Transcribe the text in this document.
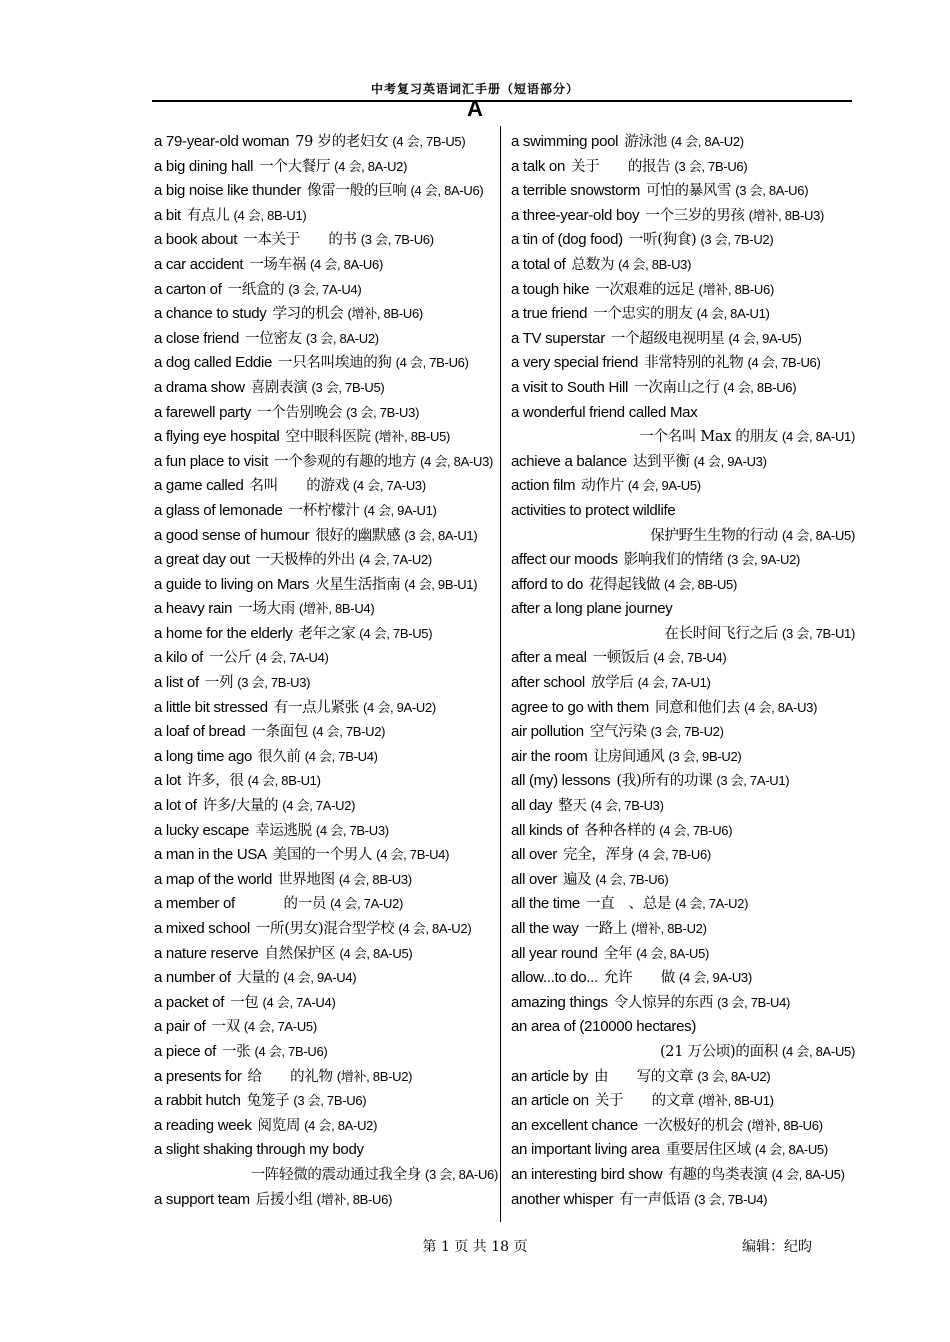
中考复习英语词汇手册（短语部分）
A
a 79-year-old woman 79 岁的老妇女 (4 会, 7B-U5)
a big dining hall 一个大餐厅 (4 会, 8A-U2)
a big noise like thunder 像雷一般的巨响 (4 会, 8A-U6)
a bit 有点儿 (4 会, 8B-U1)
a book about 一本关于　　的书 (3 会, 7B-U6)
a car accident 一场车祸 (4 会, 8A-U6)
a carton of 一纸盒的 (3 会, 7A-U4)
a chance to study 学习的机会 (增补, 8B-U6)
a close friend 一位密友 (3 会, 8A-U2)
a dog called Eddie 一只名叫埃迪的狗 (4 会, 7B-U6)
a drama show 喜剧表演 (3 会, 7B-U5)
a farewell party 一个告别晚会 (3 会, 7B-U3)
a flying eye hospital 空中眼科医院 (增补, 8B-U5)
a fun place to visit 一个参观的有趣的地方 (4 会, 8A-U3)
a game called 名叫　　的游戏 (4 会, 7A-U3)
a glass of lemonade 一杯柠檬汁 (4 会, 9A-U1)
a good sense of humour 很好的幽默感 (3 会, 8A-U1)
a great day out 一天极棒的外出 (4 会, 7A-U2)
a guide to living on Mars 火星生活指南 (4 会, 9B-U1)
a heavy rain 一场大雨 (增补, 8B-U4)
a home for the elderly 老年之家 (4 会, 7B-U5)
a kilo of 一公斤 (4 会, 7A-U4)
a list of 一列 (3 会, 7B-U3)
a little bit stressed 有一点儿紧张 (4 会, 9A-U2)
a loaf of bread 一条面包 (4 会, 7B-U2)
a long time ago 很久前 (4 会, 7B-U4)
a lot 许多，很 (4 会, 8B-U1)
a lot of 许多/大量的 (4 会, 7A-U2)
a lucky escape 幸运逃脱 (4 会, 7B-U3)
a man in the USA 美国的一个男人 (4 会, 7B-U4)
a map of the world 世界地图 (4 会, 8B-U3)
a member of　　　的一员 (4 会, 7A-U2)
a mixed school 一所(男女)混合型学校 (4 会, 8A-U2)
a nature reserve 自然保护区 (4 会, 8A-U5)
a number of 大量的 (4 会, 9A-U4)
a packet of 一包 (4 会, 7A-U4)
a pair of 一双 (4 会, 7A-U5)
a piece of 一张 (4 会, 7B-U6)
a presents for 给　　的礼物 (增补, 8B-U2)
a rabbit hutch 兔笼子 (3 会, 7B-U6)
a reading week 阅览周 (4 会, 8A-U2)
a slight shaking through my body
一阵轻微的震动通过我全身 (3 会, 8A-U6)
a support team 后援小组 (增补, 8B-U6)
a swimming pool 游泳池 (4 会, 8A-U2)
a talk on 关于　　的报告 (3 会, 7B-U6)
a terrible snowstorm 可怕的暴风雪 (3 会, 8A-U6)
a three-year-old boy 一个三岁的男孩 (增补, 8B-U3)
a tin of (dog food) 一听(狗食) (3 会, 7B-U2)
a total of 总数为 (4 会, 8B-U3)
a tough hike 一次艰难的远足 (增补, 8B-U6)
a true friend 一个忠实的朋友 (4 会, 8A-U1)
a TV superstar 一个超级电视明星 (4 会, 9A-U5)
a very special friend 非常特别的礼物 (4 会, 7B-U6)
a visit to South Hill 一次南山之行 (4 会, 8B-U6)
a wonderful friend called Max
一个名叫 Max 的朋友 (4 会, 8A-U1)
achieve a balance 达到平衡 (4 会, 9A-U3)
action film 动作片 (4 会, 9A-U5)
activities to protect wildlife
保护野生生物的行动 (4 会, 8A-U5)
affect our moods 影响我们的情绪 (3 会, 9A-U2)
afford to do 花得起钱做 (4 会, 8B-U5)
after a long plane journey
在长时间飞行之后 (3 会, 7B-U1)
after a meal 一顿饭后 (4 会, 7B-U4)
after school 放学后 (4 会, 7A-U1)
agree to go with them 同意和他们去 (4 会, 8A-U3)
air pollution 空气污染 (3 会, 7B-U2)
air the room 让房间通风 (3 会, 9B-U2)
all (my) lessons (我)所有的功课 (3 会, 7A-U1)
all day 整天 (4 会, 7B-U3)
all kinds of 各种各样的 (4 会, 7B-U6)
all over 完全，浑身 (4 会, 7B-U6)
all over 遍及 (4 会, 7B-U6)
all the time 一直　、总是 (4 会, 7A-U2)
all the way 一路上 (增补, 8B-U2)
all year round 全年 (4 会, 8A-U5)
allow...to do... 允许　　做 (4 会, 9A-U3)
amazing things 令人惊异的东西 (3 会, 7B-U4)
an area of (210000 hectares)
(21 万公顷)的面积 (4 会, 8A-U5)
an article by 由　　写的文章 (3 会, 8A-U2)
an article on 关于　　的文章 (增补, 8B-U1)
an excellent chance 一次极好的机会 (增补, 8B-U6)
an important living area 重要居住区域 (4 会, 8A-U5)
an interesting bird show 有趣的鸟类表演 (4 会, 8A-U5)
another whisper 有一声低语 (3 会, 7B-U4)
第 1 页 共 18 页	编辑：纪昀
